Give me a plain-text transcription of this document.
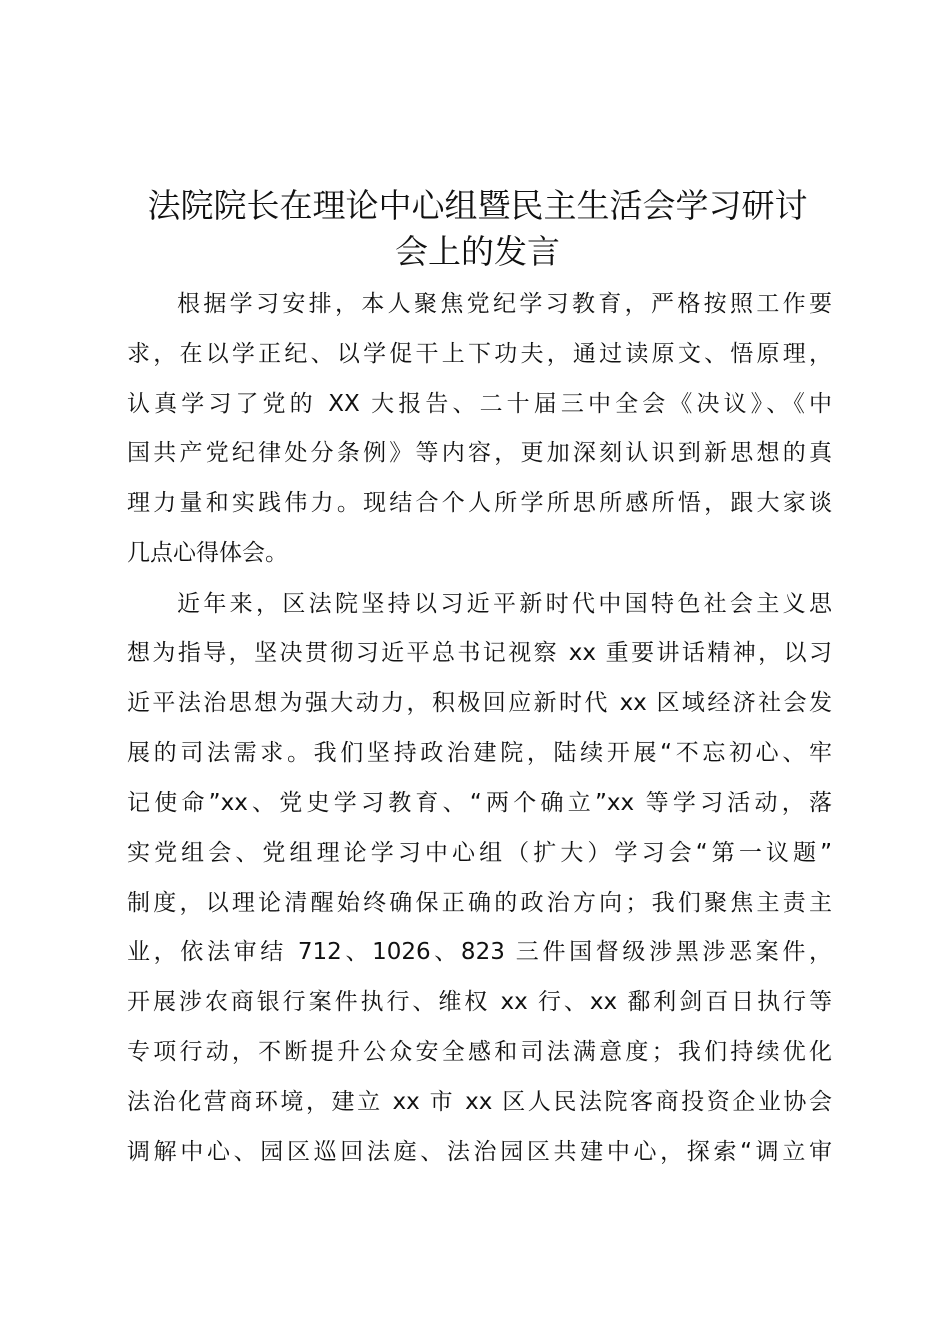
法院院长在理论中心组暨民主生活会学习研讨
会上的发言
根据学习安排，本人聚焦党纪学习教育，严格按照工作要
求，在以学正纪、以学促干上下功夫，通过读原文、悟原理，
认真学习了党的 XX 大报告、二十届三中全会《决议》、《中
国共产党纪律处分条例》等内容，更加深刻认识到新思想的真
理力量和实践伟力。现结合个人所学所思所感所悟，跟大家谈
几点心得体会。
近年来，区法院坚持以习近平新时代中国特色社会主义思
想为指导，坚决贯彻习近平总书记视察 xx 重要讲话精神，以习
近平法治思想为强大动力，积极回应新时代 xx 区域经济社会发
展的司法需求。我们坚持政治建院，陆续开展“不忘初心、牢
记使命”xx、党史学习教育、“两个确立”xx 等学习活动，落
实党组会、党组理论学习中心组（扩大）学习会“第一议题”
制度，以理论清醒始终确保正确的政治方向；我们聚焦主责主
业，依法审结 712、1026、823 三件国督级涉黑涉恶案件，
开展涉农商银行案件执行、维权 xx 行、xx 鄱利剑百日执行等
专项行动，不断提升公众安全感和司法满意度；我们持续优化
法治化营商环境，建立 xx 市 xx 区人民法院客商投资企业协会
调解中心、园区巡回法庭、法治园区共建中心，探索“调立审
